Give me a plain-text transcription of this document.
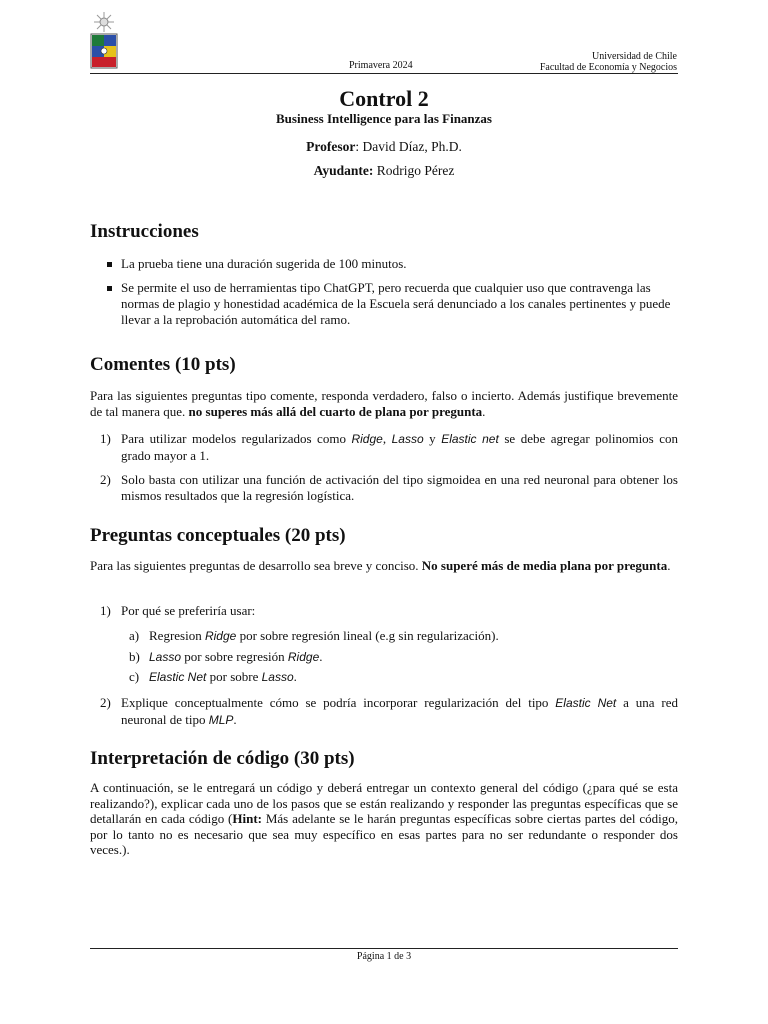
Primavera 2024
Universidad de Chile
Facultad de Economía y Negocios
Control 2
Business Intelligence para las Finanzas
Profesor: David Díaz, Ph.D.
Ayudante: Rodrigo Pérez
Instrucciones
La prueba tiene una duración sugerida de 100 minutos.
Se permite el uso de herramientas tipo ChatGPT, pero recuerda que cualquier uso que contravenga las normas de plagio y honestidad académica de la Escuela será denunciado a los canales pertinentes y puede llevar a la reprobación automática del ramo.
Comentes (10 pts)
Para las siguientes preguntas tipo comente, responda verdadero, falso o incierto. Además justifique brevemente de tal manera que. no superes más allá del cuarto de plana por pregunta.
1) Para utilizar modelos regularizados como Ridge, Lasso y Elastic net se debe agregar polinomios con grado mayor a 1.
2) Solo basta con utilizar una función de activación del tipo sigmoidea en una red neuronal para obtener los mismos resultados que la regresión logística.
Preguntas conceptuales (20 pts)
Para las siguientes preguntas de desarrollo sea breve y conciso. No superé más de media plana por pregunta.
1) Por qué se preferiría usar:
a) Regresion Ridge por sobre regresión lineal (e.g sin regularización).
b) Lasso por sobre regresión Ridge.
c) Elastic Net por sobre Lasso.
2) Explique conceptualmente cómo se podría incorporar regularización del tipo Elastic Net a una red neuronal de tipo MLP.
Interpretación de código (30 pts)
A continuación, se le entregará un código y deberá entregar un contexto general del código (¿para qué se esta realizando?), explicar cada uno de los pasos que se están realizando y responder las preguntas específicas que se detallarán en cada código (Hint: Más adelante se le harán preguntas específicas sobre ciertas partes del código, por lo tanto no es necesario que sea muy específico en esas partes para no ser redundante o responder dos veces.).
Página 1 de 3
